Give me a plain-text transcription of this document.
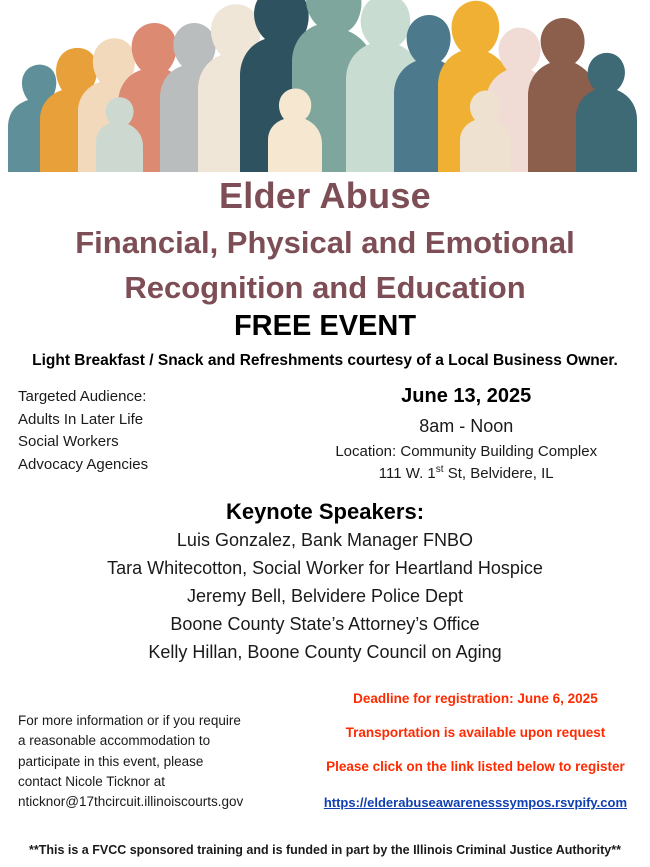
Elder Abuse
Financial, Physical and Emotional
Recognition and Education
FREE EVENT
Light Breakfast / Snack and Refreshments courtesy of a Local Business Owner.
Targeted Audience:
Adults In Later Life
Social Workers
Advocacy Agencies
June 13, 2025
8am - Noon
Location: Community Building Complex
111 W. 1st St, Belvidere, IL
Keynote Speakers:
Luis Gonzalez, Bank Manager FNBO
Tara Whitecotton, Social Worker for Heartland Hospice
Jeremy Bell, Belvidere Police Dept
Boone County State’s Attorney’s Office
Kelly Hillan, Boone County Council on Aging
For more information or if you require
a reasonable accommodation to
participate in this event, please
contact Nicole Ticknor at
nticknor@17thcircuit.illinoiscourts.gov
Deadline for registration: June 6, 2025
Transportation is available upon request
Please click on the link listed below to register
https://elderabuseawarenesssympos.rsvpify.com
**This is a FVCC sponsored training and is funded in part by the Illinois Criminal Justice Authority**
